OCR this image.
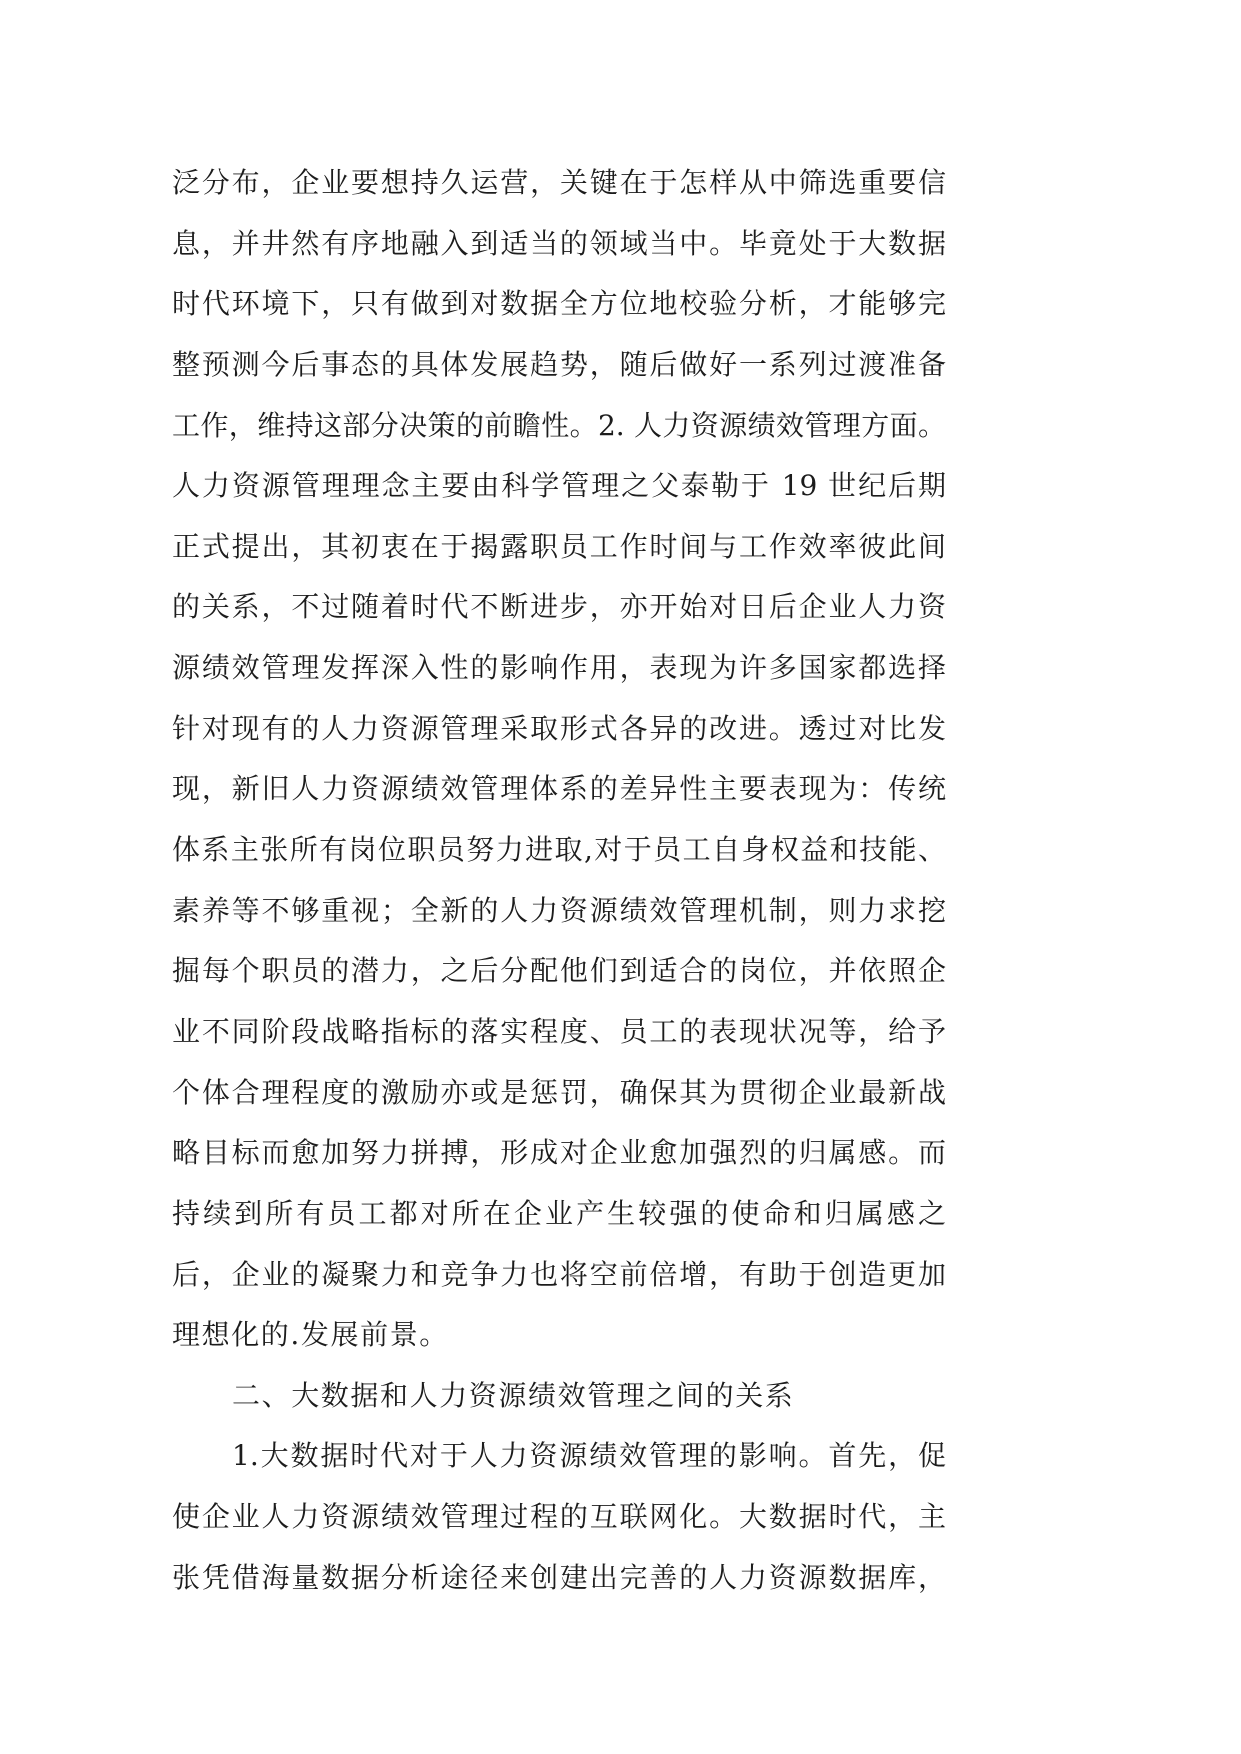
泛分布，企业要想持久运营，关键在于怎样从中筛选重要信
息，并井然有序地融入到适当的领域当中。毕竟处于大数据
时代环境下，只有做到对数据全方位地校验分析，才能够完
整预测今后事态的具体发展趋势，随后做好一系列过渡准备
工作，维持这部分决策的前瞻性。2. 人力资源绩效管理方面。
人力资源管理理念主要由科学管理之父泰勒于 19 世纪后期
正式提出，其初衷在于揭露职员工作时间与工作效率彼此间
的关系，不过随着时代不断进步，亦开始对日后企业人力资
源绩效管理发挥深入性的影响作用，表现为许多国家都选择
针对现有的人力资源管理采取形式各异的改进。透过对比发
现，新旧人力资源绩效管理体系的差异性主要表现为：传统
体系主张所有岗位职员努力进取,对于员工自身权益和技能、
素养等不够重视；全新的人力资源绩效管理机制，则力求挖
掘每个职员的潜力，之后分配他们到适合的岗位，并依照企
业不同阶段战略指标的落实程度、员工的表现状况等，给予
个体合理程度的激励亦或是惩罚，确保其为贯彻企业最新战
略目标而愈加努力拼搏，形成对企业愈加强烈的归属感。而
持续到所有员工都对所在企业产生较强的使命和归属感之
后，企业的凝聚力和竞争力也将空前倍增，有助于创造更加
理想化的.发展前景。
二、大数据和人力资源绩效管理之间的关系
1.大数据时代对于人力资源绩效管理的影响。首先，促
使企业人力资源绩效管理过程的互联网化。大数据时代，主
张凭借海量数据分析途径来创建出完善的人力资源数据库，
